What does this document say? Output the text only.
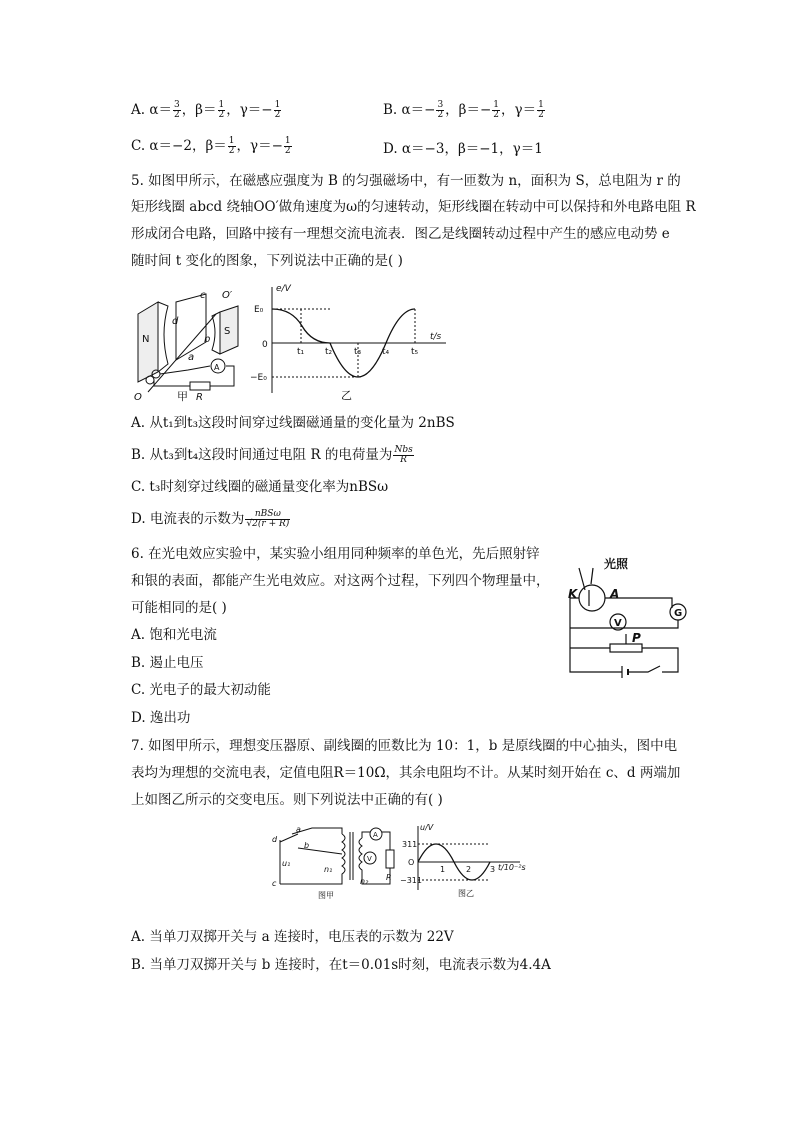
A. $\alpha= \frac{3}{2}$ ，$\beta= \frac{1}{2}$ ，$\gamma=- \frac{1}{2}$	B. $\alpha=- \frac{3}{2}$ ，$\beta=- \frac{1}{2}$ ，$\gamma= \frac{1}{2}$
C. α＝−2，$\beta= \frac{1}{2}$ ，$\gamma=- \frac{1}{2}$	D. α＝−3，β＝−1，γ＝1
5. 如图甲所示，在磁感应强度为 B 的匀强磁场中，有一匝数为 n，面积为 S，总电阻为 r 的
矩形线圈 abcd 绕轴OO′做角速度为ω的匀速转动，矩形线圈在转动中可以保持和外电路电阻 R
形成闭合电路，回路中接有一理想交流电流表．图乙是线圈转动过程中产生的感应电动势 e
随时间 t 变化的图象，下列说法中正确的是( )
N
S
O
O′
a
b
c
d
A
R
甲
e/V
t/s
E₀
−E₀
0
t₁ t₂ t₃ t₄ t₅
乙
A. 从t₁到t₃这段时间穿过线圈磁通量的变化量为 2nBS
B. 从t₃到t₄这段时间通过电阻 R 的电荷量为 Nbs
R
C. t₃时刻穿过线圈的磁通量变化率为nBSω
D. 电流表的示数为	nBSω
√2(r + R)
6. 在光电效应实验中，某实验小组用同种频率的单色光，先后照射锌
和银的表面，都能产生光电效应。对这两个过程，下列四个物理量中，
可能相同的是( )
A. 饱和光电流
B. 遏止电压
C. 光电子的最大初动能
D. 逸出功
光照
K	A
G
V
P
7. 如图甲所示，理想变压器原、副线圈的匝数比为 10：1，b 是原线圈的中心抽头，图中电
表均为理想的交流电表，定值电阻R＝10Ω，其余电阻均不计。从某时刻开始在 c、d 两端加
上如图乙所示的交变电压。则下列说法中正确的有( )
d
c
a
b
u₁
n₁
n₂
A
V
R
图甲
u/V
t/10⁻²s
311
−311
O
1	2 3
图乙
A. 当单刀双掷开关与 a 连接时，电压表的示数为 22V
B. 当单刀双掷开关与 b 连接时，在t＝0.01s时刻，电流表示数为4.4A
